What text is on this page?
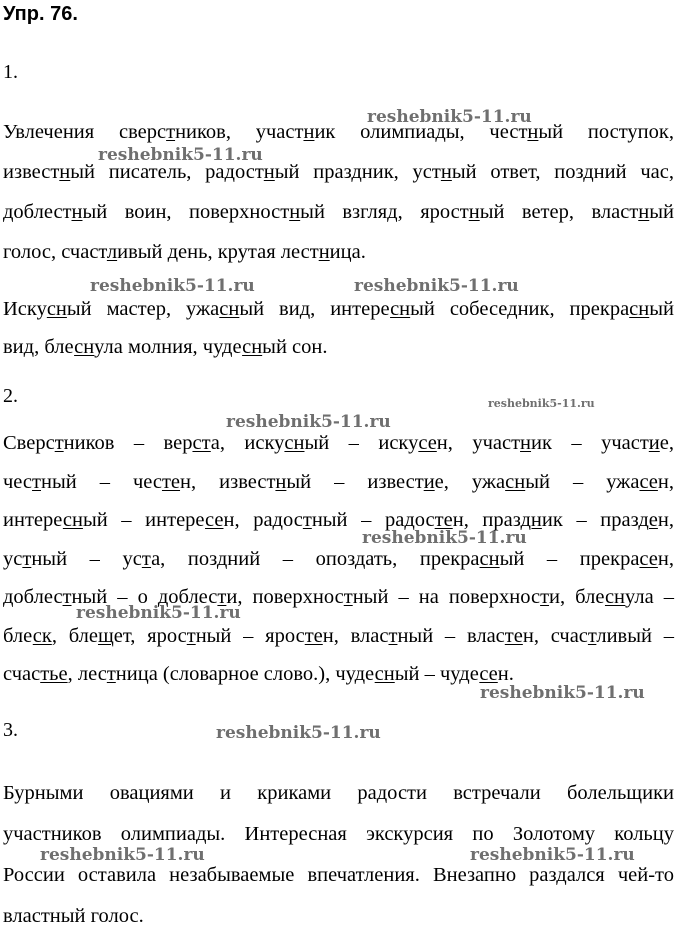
Упр. 76.
1.
Увлечения сверстников, участник олимпиады, честный поступок,
известный писатель, радостный праздник, устный ответ, поздний час,
доблестный воин, поверхностный взгляд, яростный ветер, властный
голос, счастливый день, крутая лестница.
Искусный мастер, ужасный вид, интересный собеседник, прекрасный
вид, блеснула молния, чудесный сон.
2.
Сверстников – верста, искусный – искусен, участник – участие,
честный – честен, известный – известие, ужасный – ужасен,
интересный – интересен, радостный – радостен, праздник – празден,
устный – уста, поздний – опоздать, прекрасный – прекрасен,
доблестный – о доблести, поверхностный – на поверхности, блеснула –
блеск, блещет, яростный – яростен, властный – властен, счастливый –
счастье, лестница (словарное слово.), чудесный – чудесен.
3.
Бурными овациями и криками радости встречали болельщики
участников олимпиады. Интересная экскурсия по Золотому кольцу
России оставила незабываемые впечатления. Внезапно раздался чей-то
властный голос.
reshebnik5-11.ru
reshebnik5-11.ru
reshebnik5-11.ru	reshebnik5-11.ru
reshebnik5-11.ru
reshebnik5-11.ru
reshebnik5-11.ru
reshebnik5-11.ru
reshebnik5-11.ru
reshebnik5-11.ru
reshebnik5-11.ru	reshebnik5-11.ru
